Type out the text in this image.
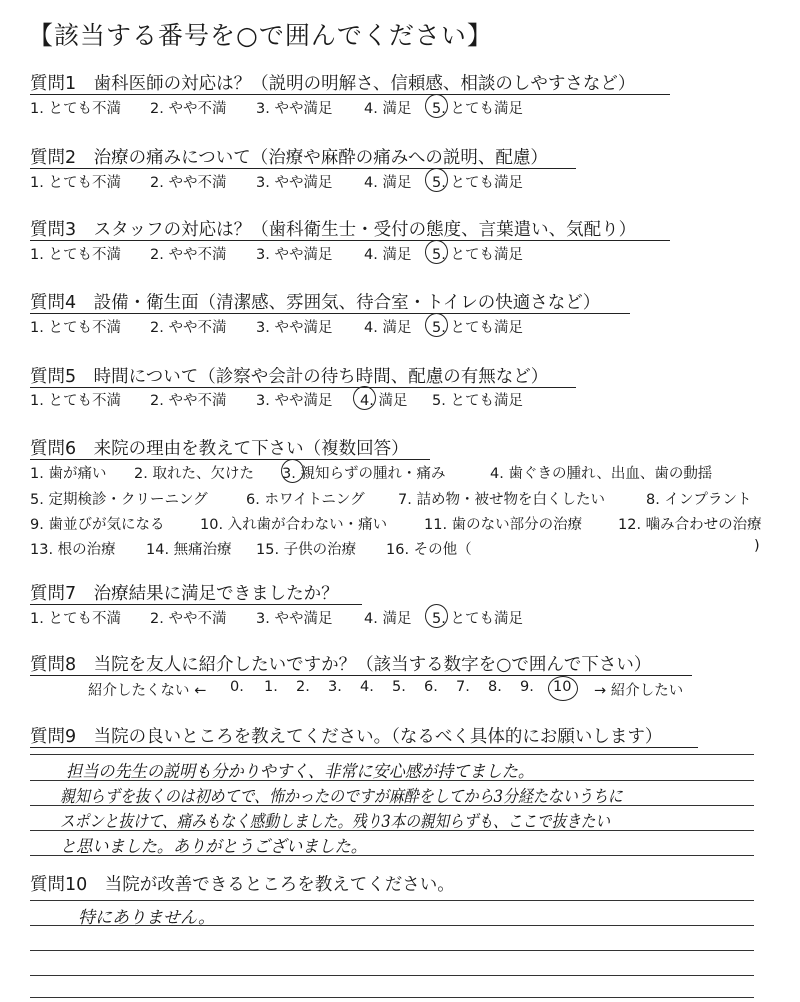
【該当する番号を○で囲んでください】
質問1　歯科医師の対応は？（説明の明解さ、信頼感、相談のしやすさなど）
1. とても不満 2. やや不満 3. やや満足 4. 満足 5. とても満足
質問2　治療の痛みについて（治療や麻酔の痛みへの説明、配慮）
1. とても不満 2. やや不満 3. やや満足 4. 満足 5. とても満足
質問3　スタッフの対応は？（歯科衛生士・受付の態度、言葉遣い、気配り）
1. とても不満 2. やや不満 3. やや満足 4. 満足 5. とても満足
質問4　設備・衛生面（清潔感、雰囲気、待合室・トイレの快適さなど）
1. とても不満 2. やや不満 3. やや満足 4. 満足 5. とても満足
質問5　時間について（診察や会計の待ち時間、配慮の有無など）
1. とても不満 2. やや不満 3. やや満足 4. 満足 5. とても満足
質問6　来院の理由を教えて下さい（複数回答）
1. 歯が痛い 2. 取れた、欠けた 3. 親知らずの腫れ・痛み	4. 歯ぐきの腫れ、出血、歯の動揺
5. 定期検診・クリーニング	6. ホワイトニング 7. 詰め物・被せ物を白くしたい	8. インプラント
9. 歯並びが気になる 10. 入れ歯が合わない・痛い	11. 歯のない部分の治療 12. 噛み合わせの治療
13. 根の治療 14. 無痛治療 15. 子供の治療 16. その他（	)
質問7　治療結果に満足できましたか？
1. とても不満 2. やや不満 3. やや満足 4. 満足 5. とても満足
質問8　当院を友人に紹介したいですか？（該当する数字を○で囲んで下さい）
紹介したくない ← 0. 1. 2. 3. 4. 5. 6. 7. 8. 9. 10 → 紹介したい
質問9　当院の良いところを教えてください。（なるべく具体的にお願いします）
担当の先生の説明も分かりやすく、非常に安心感が持てました。
親知らずを抜くのは初めてで、怖かったのですが麻酔をしてから3分経たないうちに
スポンと抜けて、痛みもなく感動しました。残り3本の親知らずも、ここで抜きたい
と思いました。ありがとうございました。
質問10　当院が改善できるところを教えてください。
特にありません。
